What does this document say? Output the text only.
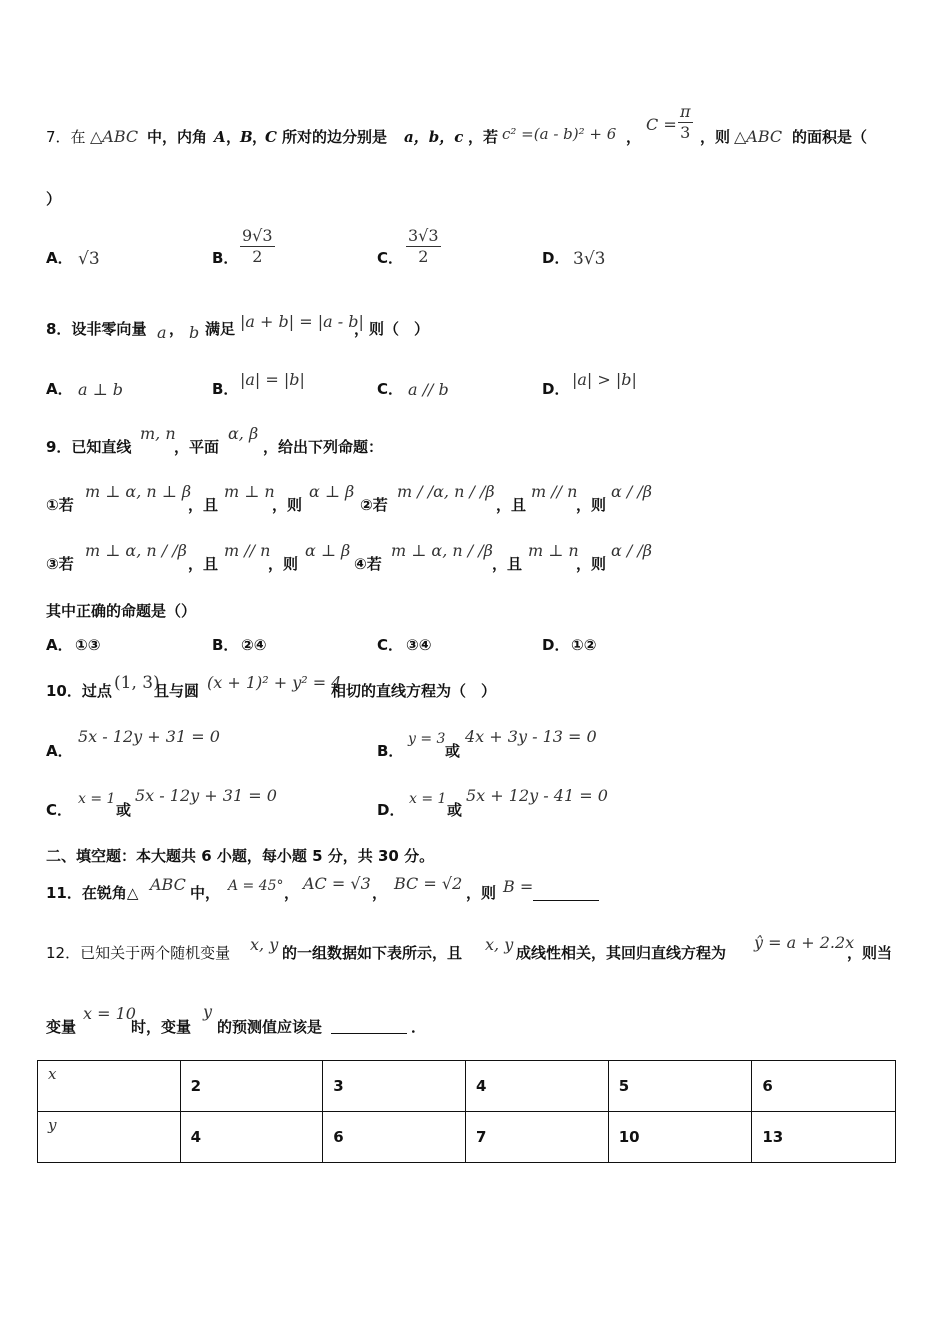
7．在 △ABC 中，内角 A ，
B ，
C 所对的边分别是 a，b，c ，若 c² =(a - b)² + 6 ，
$C = \frac{\pi}{3}$ ，则 △ABC 的面积是（
）
A． √3	B． $\frac{9√3}{2}$	C． $\frac{3√3}{2}$	D． 3√3
8．设非零向量 a ， b 满足 |a + b| = |a - b|
，则（　）
A． a ⊥ b	B． |a| = |b|	C． a // b	D． |a| > |b|
9．已知直线
m, n
，平面
α, β
，给出下列命题：
①若
m ⊥ α, n ⊥ β
，且
m ⊥ n
，则
α ⊥ β
②若
m / /α, n / /β
，且
m // n
，则
α / /β
③若
m ⊥ α, n / /β
，且
m // n
，则
α ⊥ β
④若
m ⊥ α, n / /β
，且
m ⊥ n
，则
α / /β
其中正确的命题是（）
A． ①③	B． ②④	C． ③④	D． ①②
10．过点 (1, 3)
且与圆 (x + 1)² + y² = 4
相切的直线方程为（　）
A．
5x - 12y + 31 = 0
B．
y = 3
或
4x + 3y - 13 = 0
C．
x = 1
或
5x - 12y + 31 = 0
D．
x = 1
或
5x + 12y - 41 = 0
二、填空题：本大题共 6 小题，每小题 5 分，共 30 分。
11．在锐角△ ABC 中， A = 45° ， AC = √3 ， BC = √2 ，则 B =
12．已知关于两个随机变量 x, y 的一组数据如下表所示，且 x, y 成线性相关，其回归直线方程为
ŷ = a + 2.2x
，则当
变量
x = 10
时，变量
y
的预测值应该是	．
x	2	3	4	5	6
y	4	6	7	10	13
